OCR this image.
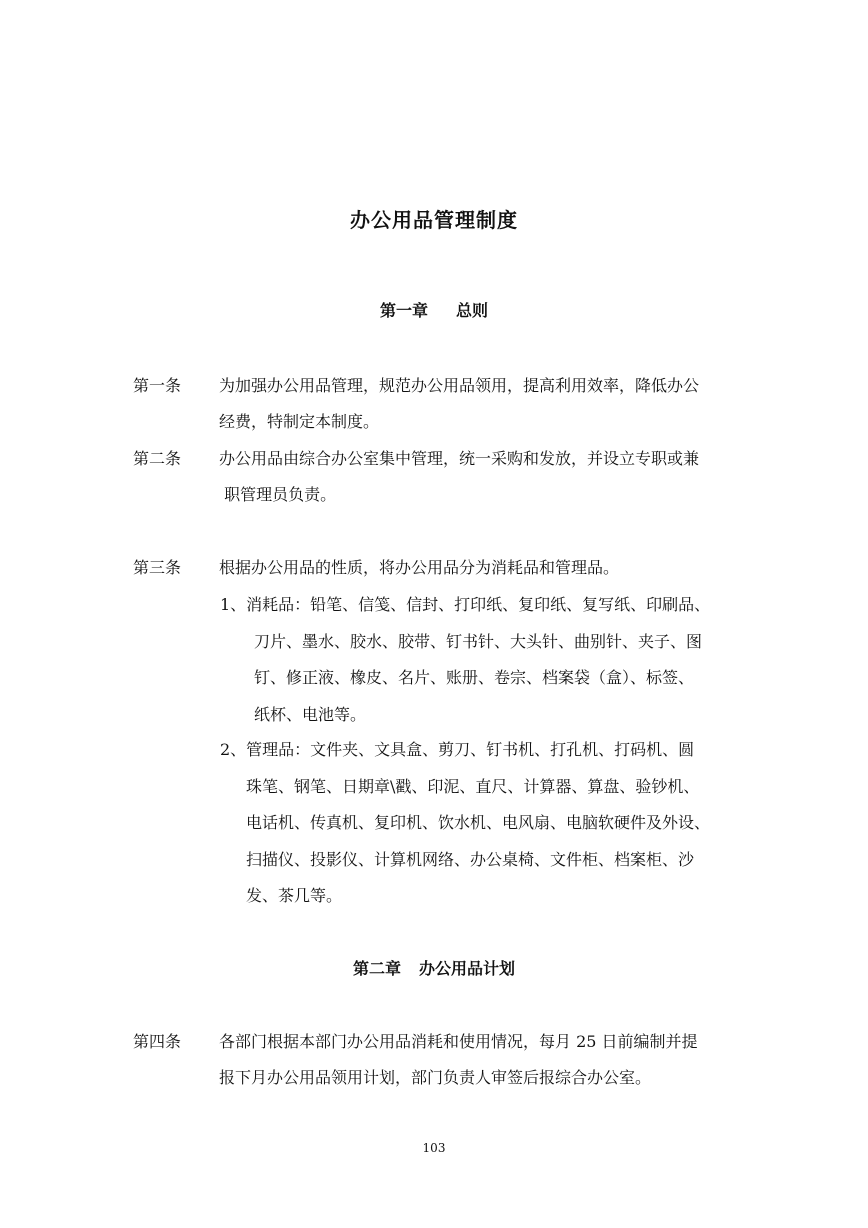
办公用品管理制度
第一章 总则
第一条	为加强办公用品管理，规范办公用品领用，提高利用效率，降低办公
经费，特制定本制度。
第二条	办公用品由综合办公室集中管理，统一采购和发放，并设立专职或兼
职管理员负责。
第三条	根据办公用品的性质，将办公用品分为消耗品和管理品。
1、消耗品：铅笔、信笺、信封、打印纸、复印纸、复写纸、印刷品、
刀片、墨水、胶水、胶带、钉书针、大头针、曲别针、夹子、图
钉、修正液、橡皮、名片、账册、卷宗、档案袋（盒）、标签、
纸杯、电池等。
2、管理品：文件夹、文具盒、剪刀、钉书机、打孔机、打码机、圆
珠笔、钢笔、日期章\戳、印泥、直尺、计算器、算盘、验钞机、
电话机、传真机、复印机、饮水机、电风扇、电脑软硬件及外设、
扫描仪、投影仪、计算机网络、办公桌椅、文件柜、档案柜、沙
发、茶几等。
第二章 办公用品计划
第四条	各部门根据本部门办公用品消耗和使用情况，每月 25 日前编制并提
报下月办公用品领用计划，部门负责人审签后报综合办公室。
103
